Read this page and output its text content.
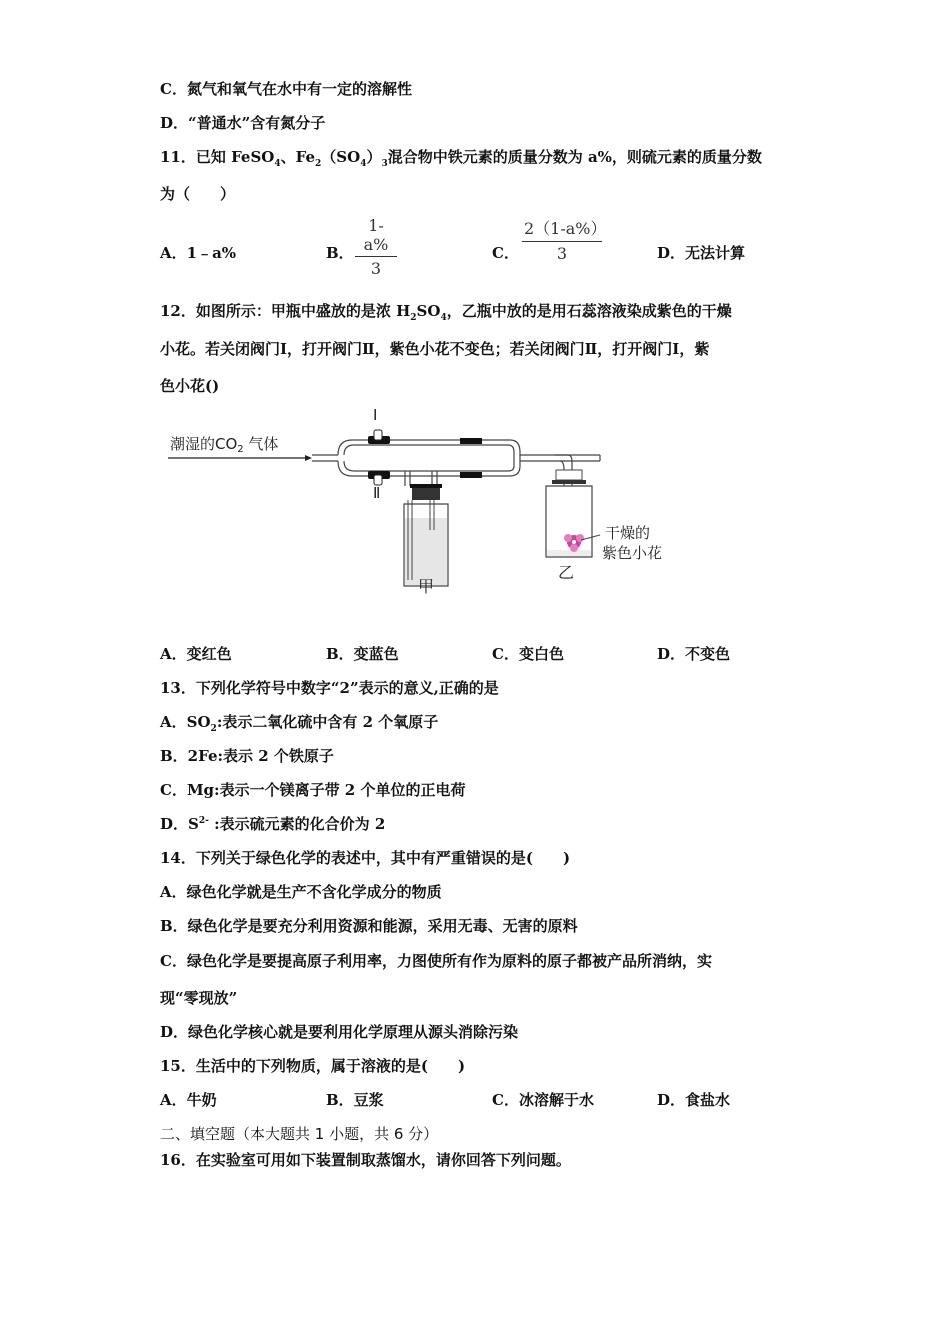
C．氮气和氧气在水中有一定的溶解性
D．“普通水”含有氮分子
11．已知 FeSO$_4$、$Fe_2(SO_4)_3$混合物中铁元素的质量分数为 a%，则硫元素的质量分数
为（　　）
A．1﹣a%	B．
1-a%
3
C．
2（1-a%）
3	D．无法计算
12．如图所示：甲瓶中盛放的是浓 $H_2SO_4$，乙瓶中放的是用石蕊溶液染成紫色的干燥
小花。若关闭阀门Ⅰ，打开阀门Ⅱ，紫色小花不变色；若关闭阀门Ⅱ，打开阀门Ⅰ，紫
色小花()
潮湿的$CO_2$ 气体
Ⅰ
Ⅱ
甲
干燥的
紫色小花
乙
A．变红色	B．变蓝色	C．变白色	D．不变色
13．下列化学符号中数字“2”表示的意义,正确的是
A．$SO_2$:表示二氧化硫中含有 2 个氧原子
B．2Fe:表示 2 个铁原子
C．Mg:表示一个镁离子带 2 个单位的正电荷
D．$S^{2-}$ :表示硫元素的化合价为 2
14．下列关于绿色化学的表述中，其中有严重错误的是(　　)
A．绿色化学就是生产不含化学成分的物质
B．绿色化学是要充分利用资源和能源，采用无毒、无害的原料
C．绿色化学是要提高原子利用率，力图使所有作为原料的原子都被产品所消纳，实
现“零现放”
D．绿色化学核心就是要利用化学原理从源头消除污染
15．生活中的下列物质，属于溶液的是(　　)
A．牛奶	B．豆浆	C．冰溶解于水	D．食盐水
二、填空题（本大题共 1 小题，共 6 分）
16．在实验室可用如下装置制取蒸馏水，请你回答下列问题。
